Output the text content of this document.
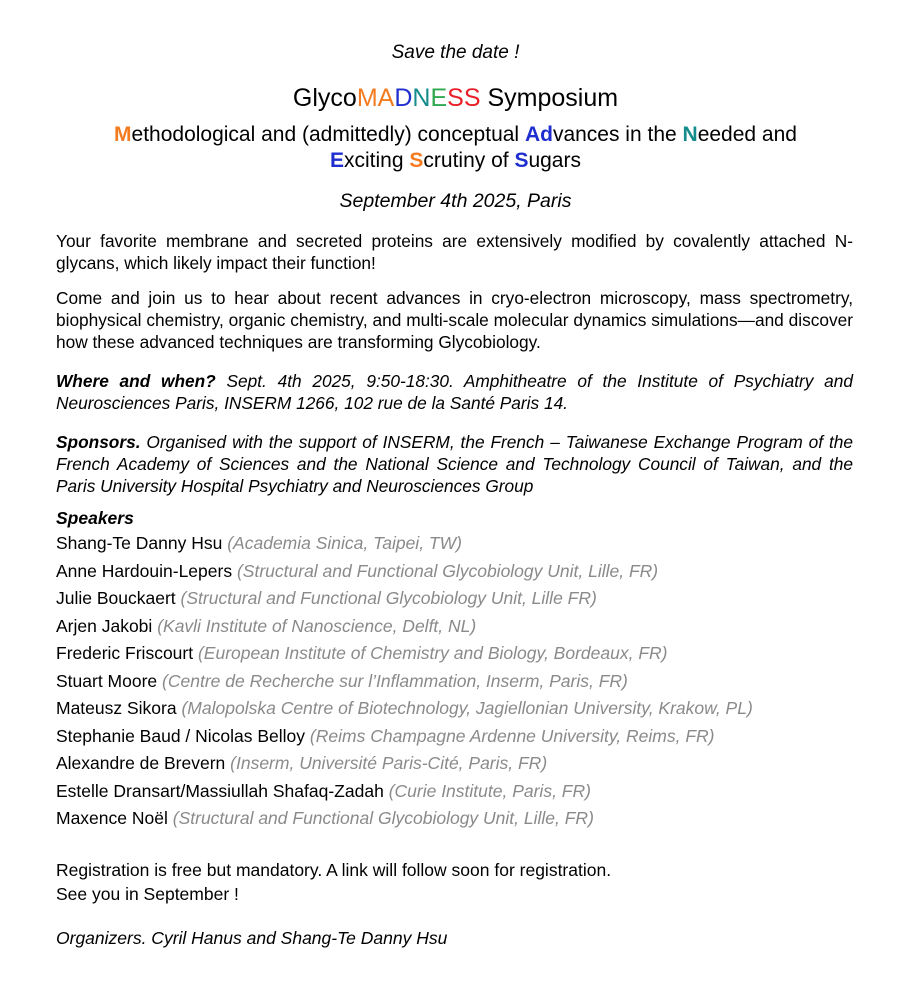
Save the date !

GlycoMADNESS Symposium

Methodological and (admittedly) conceptual Advances in the Needed and

Exciting Scrutiny of Sugars

September 4th 2025, Paris

Your favorite membrane and secreted proteins are extensively modified by covalently attached N-glycans, which likely impact their function!

Come and join us to hear about recent advances in cryo-electron microscopy, mass spectrometry, biophysical chemistry, organic chemistry, and multi-scale molecular dynamics simulations—and discover how these advanced techniques are transforming Glycobiology.

Where and when? Sept. 4th 2025, 9:50-18:30. Amphitheatre of the Institute of Psychiatry and Neurosciences Paris, INSERM 1266, 102 rue de la Santé Paris 14.

Sponsors. Organised with the support of INSERM, the French – Taiwanese Exchange Program of the French Academy of Sciences and the National Science and Technology Council of Taiwan, and the Paris University Hospital Psychiatry and Neurosciences Group

Speakers

Shang-Te Danny Hsu (Academia Sinica, Taipei, TW)
Anne Hardouin-Lepers (Structural and Functional Glycobiology Unit, Lille, FR)
Julie Bouckaert (Structural and Functional Glycobiology Unit, Lille FR)
Arjen Jakobi (Kavli Institute of Nanoscience, Delft, NL)
Frederic Friscourt (European Institute of Chemistry and Biology, Bordeaux, FR)
Stuart Moore (Centre de Recherche sur l’Inflammation, Inserm, Paris, FR)
Mateusz Sikora (Malopolska Centre of Biotechnology, Jagiellonian University, Krakow, PL)
Stephanie Baud / Nicolas Belloy (Reims Champagne Ardenne University, Reims, FR)
Alexandre de Brevern (Inserm, Université Paris-Cité, Paris, FR)
Estelle Dransart/Massiullah Shafaq-Zadah (Curie Institute, Paris, FR)
Maxence Noël (Structural and Functional Glycobiology Unit, Lille, FR)
Registration is free but mandatory. A link will follow soon for registration.
See you in September !

Organizers. Cyril Hanus and Shang-Te Danny Hsu
